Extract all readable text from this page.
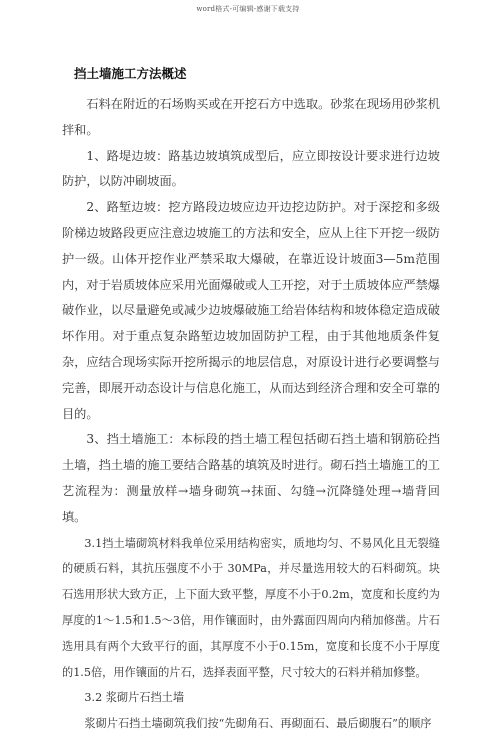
word格式-可编辑-感谢下载支持
挡土墙施工方法概述

石料在附近的石场购买或在开挖石方中选取。砂浆在现场用砂浆机拌和。

1、路堤边坡：路基边坡填筑成型后，应立即按设计要求进行边坡防护，以防冲刷坡面。

2、路堑边坡：挖方路段边坡应边开边挖边防护。对于深挖和多级阶梯边坡路段更应注意边坡施工的方法和安全，应从上往下开挖一级防护一级。山体开挖作业严禁采取大爆破，在靠近设计坡面3—5m范围内，对于岩质坡体应采用光面爆破或人工开挖，对于土质坡体应严禁爆破作业，以尽量避免或减少边坡爆破施工给岩体结构和坡体稳定造成破坏作用。对于重点复杂路堑边坡加固防护工程，由于其他地质条件复杂，应结合现场实际开挖所揭示的地层信息，对原设计进行必要调整与完善，即展开动态设计与信息化施工，从而达到经济合理和安全可靠的目的。

3、挡土墙施工：本标段的挡土墙工程包括砌石挡土墙和钢筋砼挡土墙，挡土墙的施工要结合路基的填筑及时进行。砌石挡土墙施工的工艺流程为：测量放样→墙身砌筑→抹面、勾缝→沉降缝处理→墙背回填。

3.1挡土墙砌筑材料我单位采用结构密实，质地均匀、不易风化且无裂缝的硬质石料，其抗压强度不小于 30MPa，并尽量选用较大的石料砌筑。块石选用形状大致方正，上下面大致平整，厚度不小于0.2m，宽度和长度约为厚度的1～1.5和1.5～3倍，用作镶面时，由外露面四周向内稍加修凿。片石选用具有两个大致平行的面，其厚度不小于0.15m，宽度和长度不小于厚度的1.5倍，用作镶面的片石，选择表面平整，尺寸较大的石料并稍加修整。

3.2 浆砌片石挡土墙

浆砌片石挡土墙砌筑我们按“先砌角石、再砌面石、最后砌腹石”的顺序
